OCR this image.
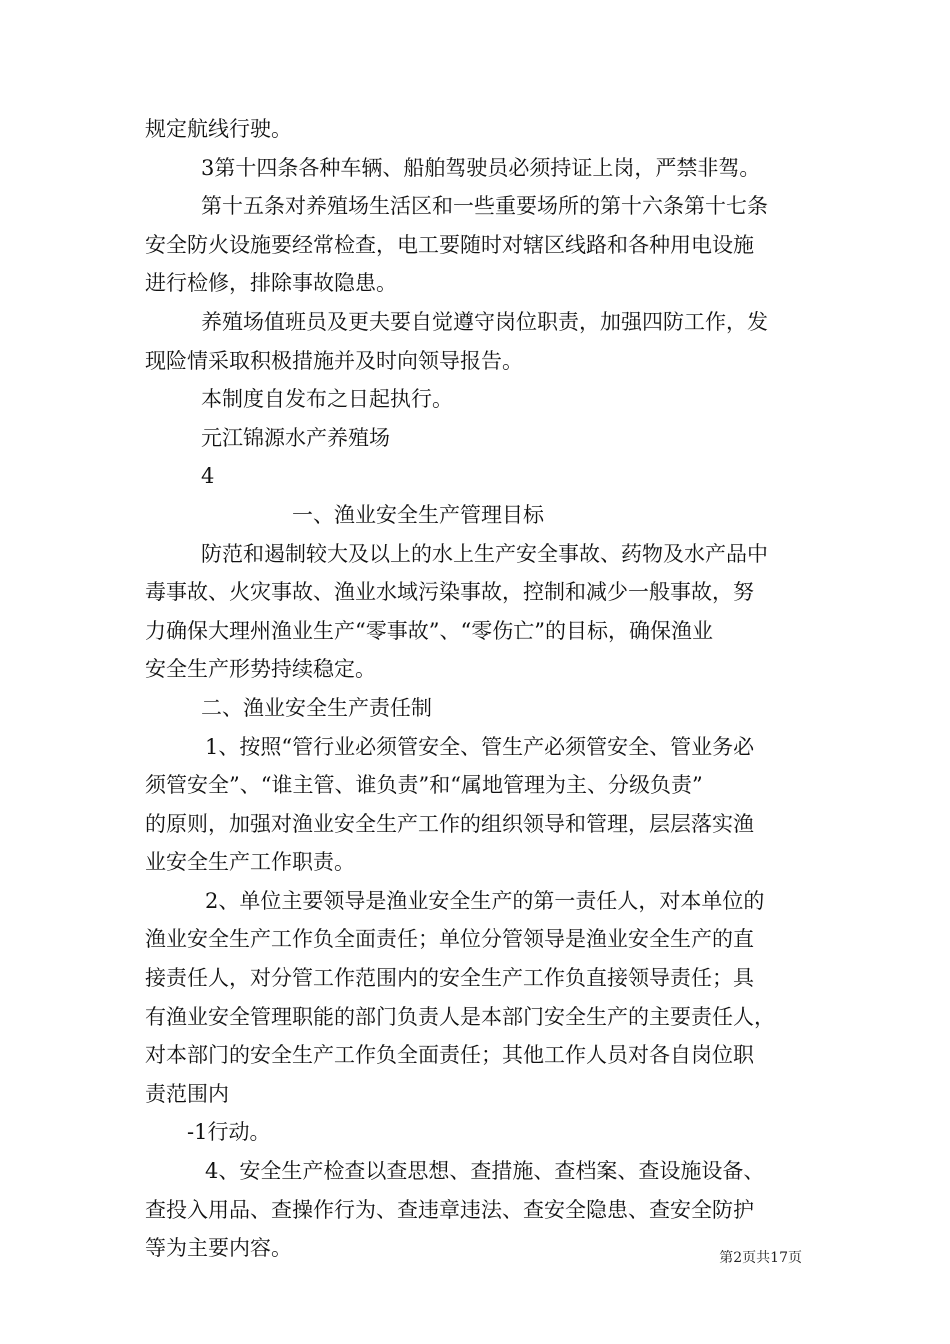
规定航线行驶。
3第十四条各种车辆、船舶驾驶员必须持证上岗，严禁非驾。
第十五条对养殖场生活区和一些重要场所的第十六条第十七条
安全防火设施要经常检查，电工要随时对辖区线路和各种用电设施
进行检修，排除事故隐患。
养殖场值班员及更夫要自觉遵守岗位职责，加强四防工作，发
现险情采取积极措施并及时向领导报告。
本制度自发布之日起执行。
元江锦源水产养殖场
4
一、渔业安全生产管理目标
防范和遏制较大及以上的水上生产安全事故、药物及水产品中
毒事故、火灾事故、渔业水域污染事故，控制和减少一般事故，努
力确保大理州渔业生产“零事故”、“零伤亡”的目标，确保渔业
安全生产形势持续稳定。
二、渔业安全生产责任制
1、按照“管行业必须管安全、管生产必须管安全、管业务必
须管安全”、“谁主管、谁负责”和“属地管理为主、分级负责”
的原则，加强对渔业安全生产工作的组织领导和管理，层层落实渔
业安全生产工作职责。
2、单位主要领导是渔业安全生产的第一责任人，对本单位的
渔业安全生产工作负全面责任；单位分管领导是渔业安全生产的直
接责任人，对分管工作范围内的安全生产工作负直接领导责任；具
有渔业安全管理职能的部门负责人是本部门安全生产的主要责任人，
对本部门的安全生产工作负全面责任；其他工作人员对各自岗位职
责范围内
-1行动。
4、安全生产检查以查思想、查措施、查档案、查设施设备、
查投入用品、查操作行为、查违章违法、查安全隐患、查安全防护
等为主要内容。	第2页共17页
